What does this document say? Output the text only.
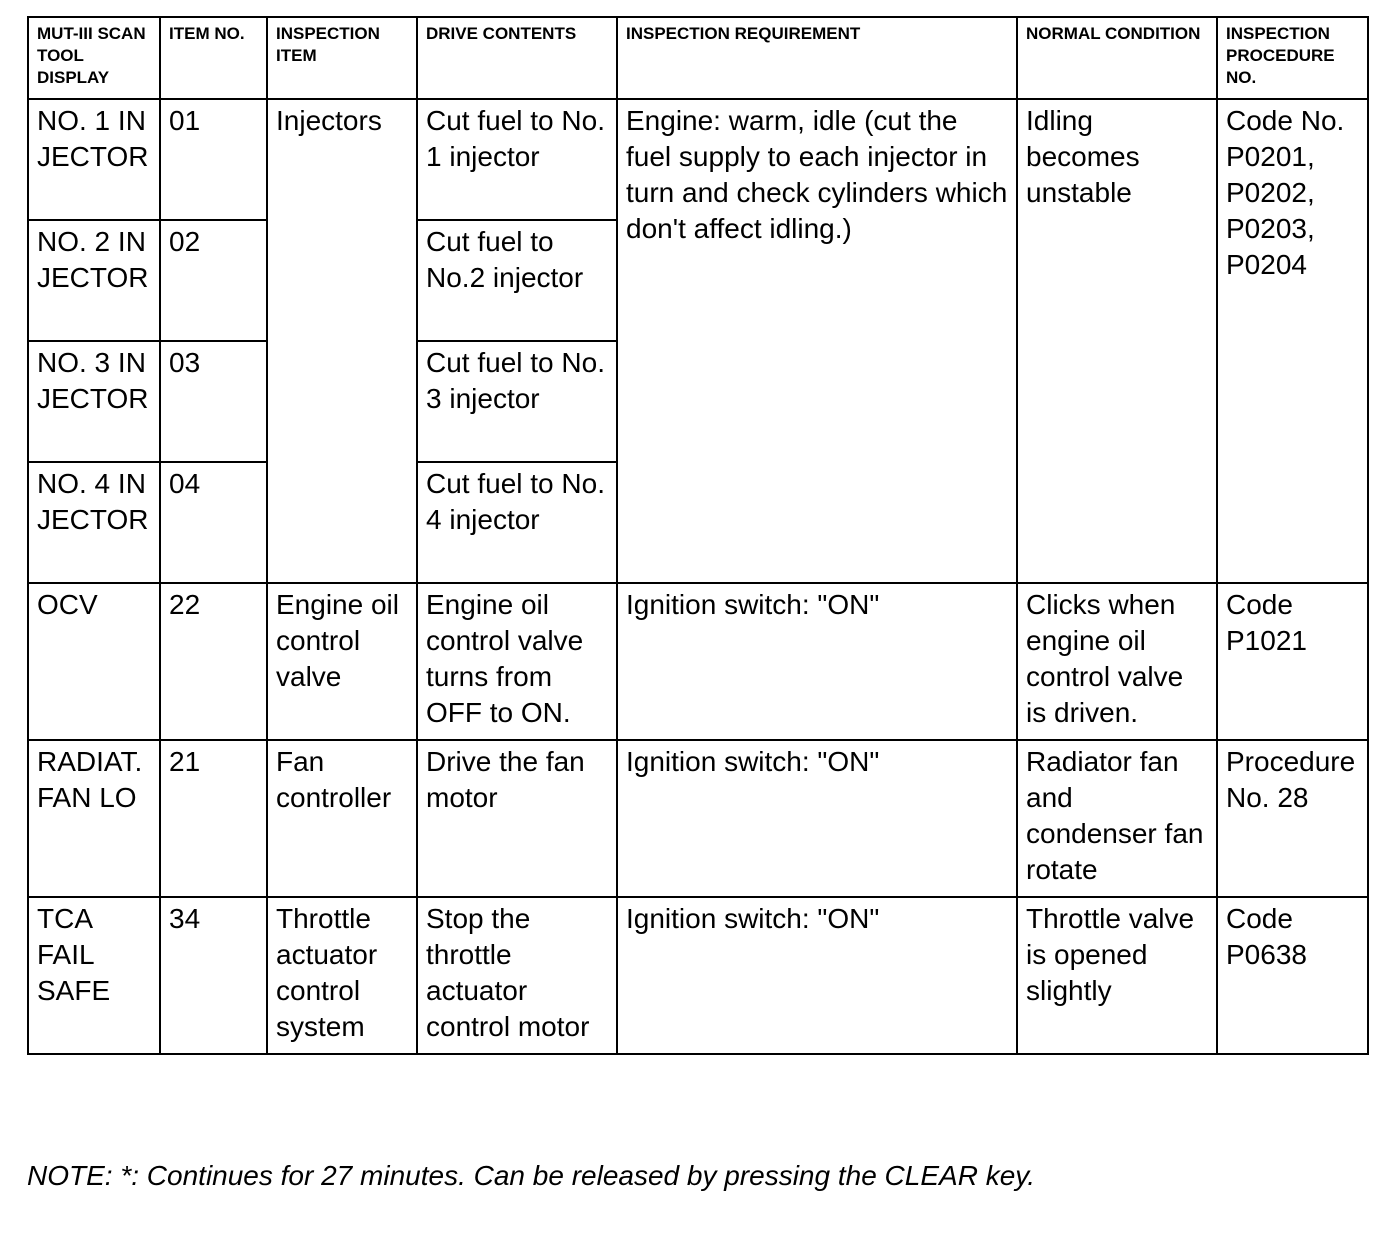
MUT-III SCAN TOOL DISPLAY	ITEM NO.	INSPECTION ITEM	DRIVE CONTENTS	INSPECTION REQUIREMENT	NORMAL CONDITION	INSPECTION PROCEDURE NO.

NO. 1 INJECTOR	01	Injectors	Cut fuel to No. 1 injector	Engine: warm, idle (cut the fuel supply to each injector in turn and check cylinders which don't affect idling.)	Idling becomes unstable	Code No. P0201, P0202, P0203, P0204

NO. 2 INJECTOR	02		Cut fuel to No.2 injector			

NO. 3 INJECTOR	03		Cut fuel to No. 3 injector			

NO. 4 INJECTOR	04		Cut fuel to No. 4 injector			
OCV	22	Engine oil control valve	Engine oil control valve turns from OFF to ON.	Ignition switch: "ON"	Clicks when engine oil control valve is driven.	Code P1021
RADIAT. FAN LO	21	Fan controller	Drive the fan motor	Ignition switch: "ON"	Radiator fan and condenser fan rotate	Procedure No. 28

TCA FAIL SAFE	34	Throttle actuator control system	Stop the throttle actuator control motor	Ignition switch: "ON"	Throttle valve is opened slightly	Code P0638
NOTE: *: Continues for 27 minutes. Can be released by pressing the CLEAR key.
